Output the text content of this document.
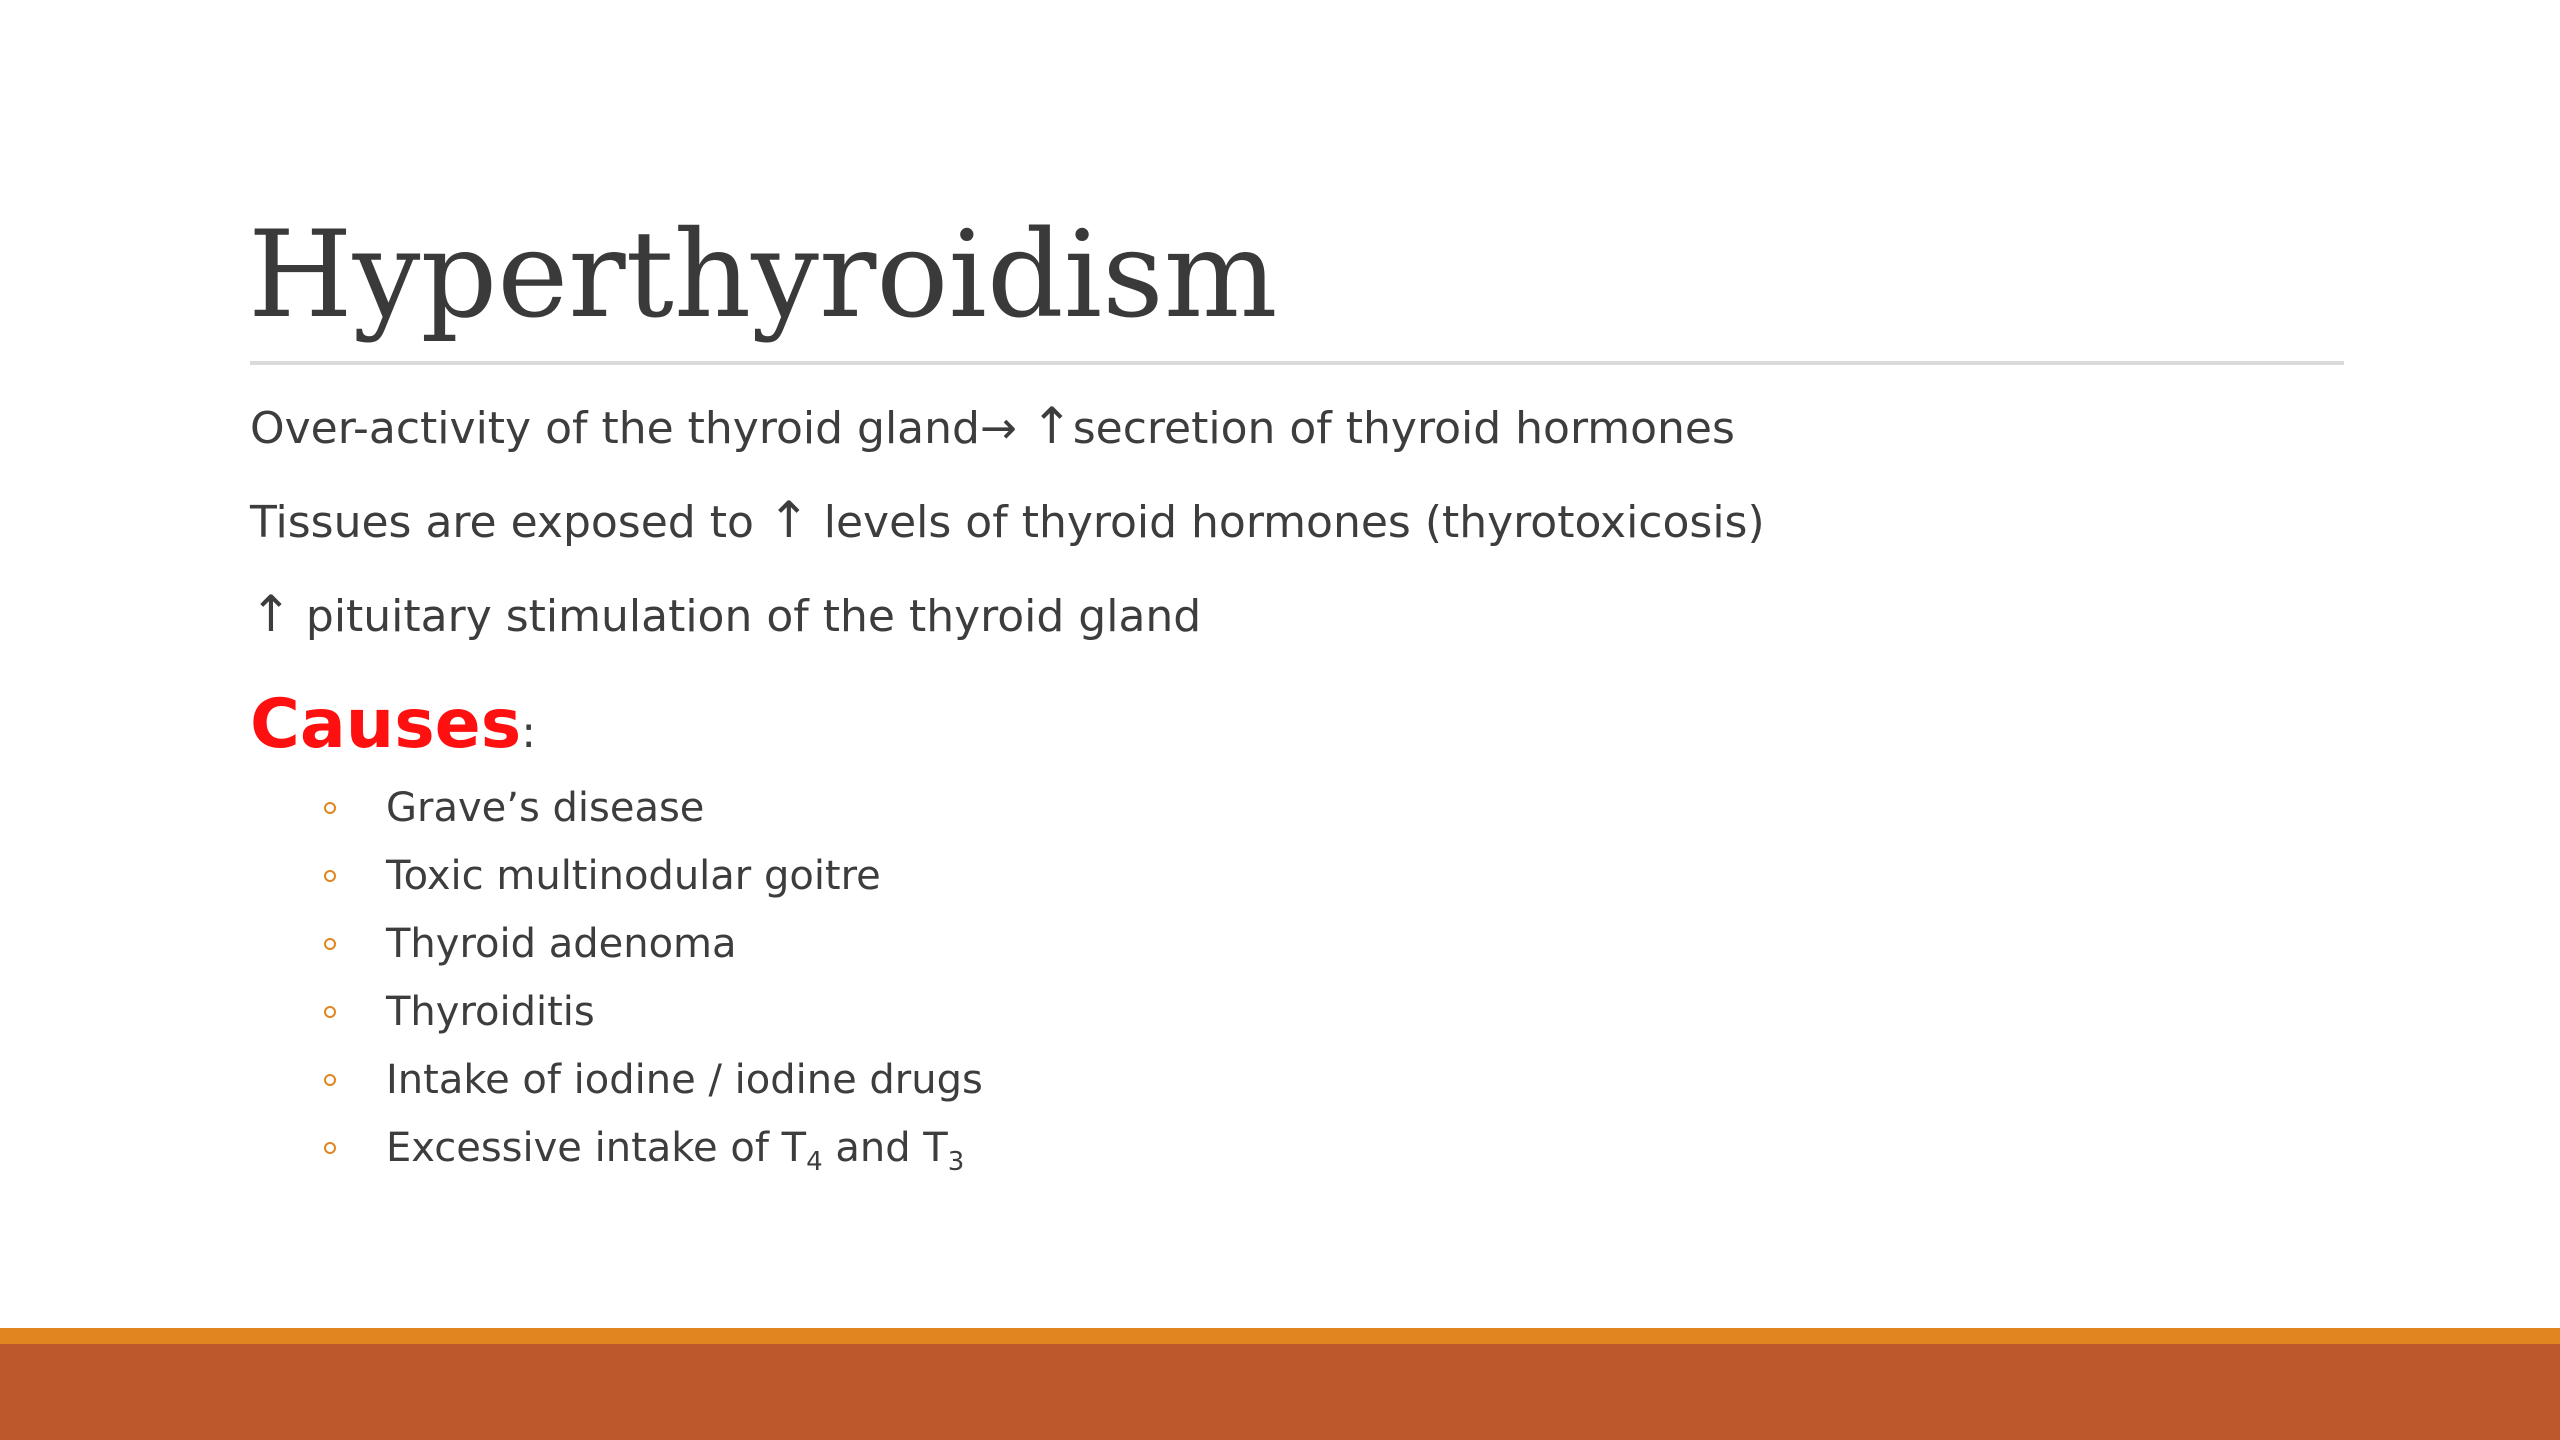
Hyperthyroidism

Over-activity of the thyroid gland→ ↑secretion of thyroid hormones

Tissues are exposed to ↑ levels of thyroid hormones (thyrotoxicosis)

↑ pituitary stimulation of the thyroid gland

Causes:
Grave’s disease
Toxic multinodular goitre
Thyroid adenoma
Thyroiditis
Intake of iodine / iodine drugs
Excessive intake of $T_4$ and $T_3$
